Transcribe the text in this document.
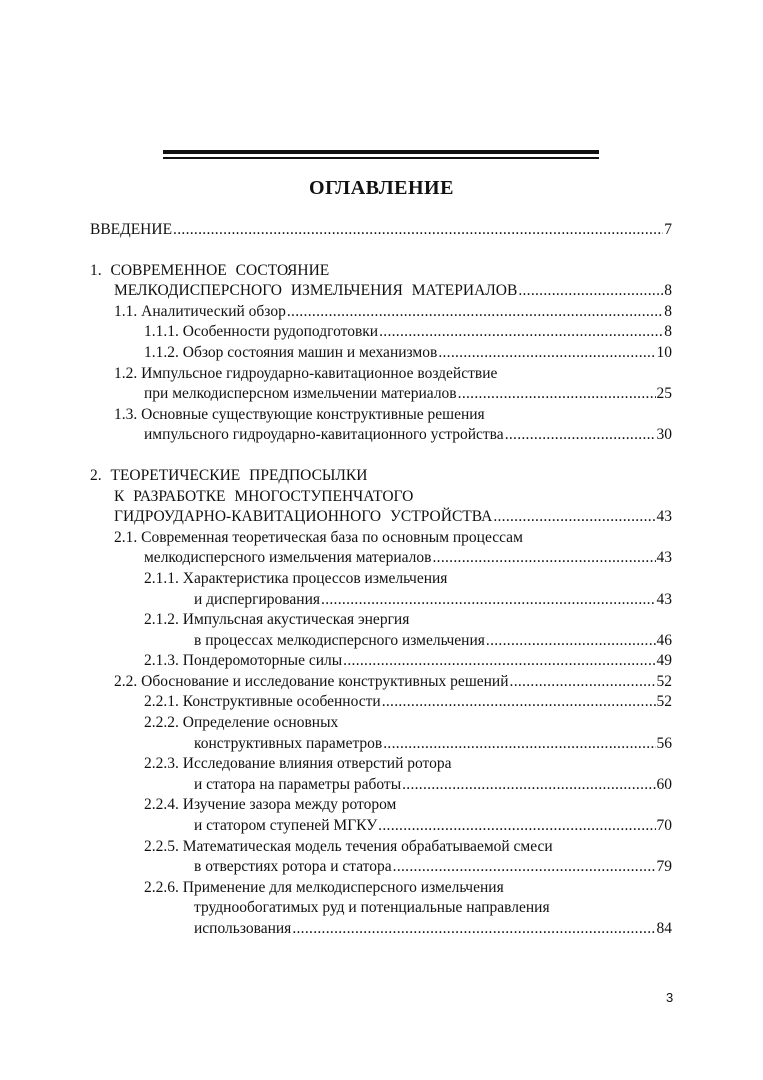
ОГЛАВЛЕНИЕ
ВВЕДЕНИЕ .....	7
1. СОВРЕМЕННОЕ СОСТОЯНИЕ
МЕЛКОДИСПЕРСНОГО ИЗМЕЛЬЧЕНИЯ МАТЕРИАЛОВ .....	8
1.1. Аналитический обзор .....	8
1.1.1. Особенности рудоподготовки .....	8
1.1.2. Обзор состояния машин и механизмов .....	10
1.2. Импульсное гидроударно-кавитационное воздействие
при мелкодисперсном измельчении материалов .....	25
1.3. Основные существующие конструктивные решения
импульсного гидроударно-кавитационного устройства .....	30
2. ТЕОРЕТИЧЕСКИЕ ПРЕДПОСЫЛКИ
К РАЗРАБОТКЕ МНОГОСТУПЕНЧАТОГО
ГИДРОУДАРНО-КАВИТАЦИОННОГО УСТРОЙСТВА .....	43
2.1. Современная теоретическая база по основным процессам
мелкодисперсного измельчения материалов .....	43
2.1.1. Характеристика процессов измельчения
и диспергирования .....	43
2.1.2. Импульсная акустическая энергия
в процессах мелкодисперсного измельчения .....	46
2.1.3. Пондеромоторные силы .....	49
2.2. Обоснование и исследование конструктивных решений .....	52
2.2.1. Конструктивные особенности .....	52
2.2.2. Определение основных
конструктивных параметров .....	56
2.2.3. Исследование влияния отверстий ротора
и статора на параметры работы .....	60
2.2.4. Изучение зазора между ротором
и статором ступеней МГКУ .....	70
2.2.5. Математическая модель течения обрабатываемой смеси
в отверстиях ротора и статора .....	79
2.2.6. Применение для мелкодисперсного измельчения
труднообогатимых руд и потенциальные направления
использования .....	84
3
